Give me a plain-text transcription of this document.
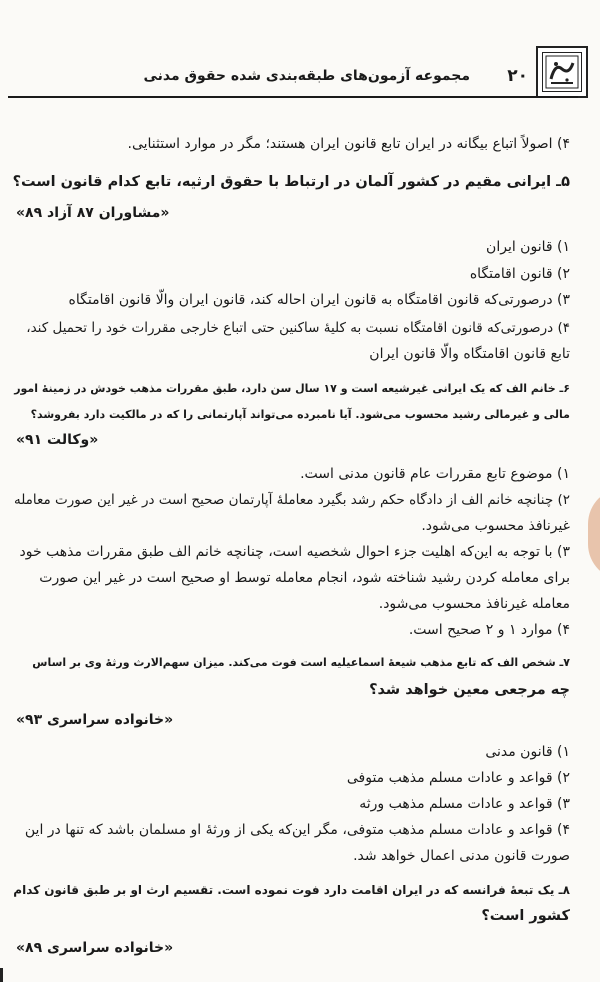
۲۰
مجموعه آزمون‌های طبقه‌بندی شده حقوق مدنی
۴) اصولاً اتباع بیگانه در ایران تابع قانون ایران هستند؛ مگر در موارد استثنایی.
۵ـ ایرانی مقیم در کشور آلمان در ارتباط با حقوق ارثیه، تابع کدام قانون است؟
«مشاوران ۸۷ آزاد ۸۹»
۱) قانون ایران
۲) قانون اقامتگاه
۳) درصورتی‌که قانون اقامتگاه به قانون ایران احاله کند، قانون ایران والّا قانون اقامتگاه
۴) درصورتی‌که قانون اقامتگاه نسبت به کلیهٔ ساکنین حتی اتباع خارجی مقررات خود را تحمیل کند،
تابع قانون اقامتگاه والّا قانون ایران
۶ـ خانم الف که یک ایرانی غیرشیعه است و ۱۷ سال سن دارد، طبق مقررات مذهب خودش در زمینهٔ امور
مالی و غیرمالی رشید محسوب می‌شود. آیا نامبرده می‌تواند آپارتمانی را که در مالکیت دارد بفروشد؟
«وکالت ۹۱»
۱) موضوع تابع مقررات عام قانون مدنی است.
۲) چنانچه خانم الف از دادگاه حکم رشد بگیرد معاملهٔ آپارتمان صحیح است در غیر این صورت معامله
غیرنافذ محسوب می‌شود.
۳) با توجه به این‌که اهلیت جزء احوال شخصیه است، چنانچه خانم الف طبق مقررات مذهب خود
برای معامله کردن رشید شناخته شود، انجام معامله توسط او صحیح است در غیر این صورت
معامله غیرنافذ محسوب می‌شود.
۴) موارد ۱ و ۲ صحیح است.
۷ـ شخص الف که تابع مذهب شیعهٔ اسماعیلیه است فوت می‌کند. میزان سهم‌الارث ورثهٔ وی بر اساس
چه مرجعی معین خواهد شد؟
«خانواده سراسری ۹۳»
۱) قانون مدنی
۲) قواعد و عادات مسلم مذهب متوفی
۳) قواعد و عادات مسلم مذهب ورثه
۴) قواعد و عادات مسلم مذهب متوفی، مگر این‌که یکی از ورثهٔ او مسلمان باشد که تنها در این
صورت قانون مدنی اعمال خواهد شد.
۸ـ یک تبعهٔ فرانسه که در ایران اقامت دارد فوت نموده است. تقسیم ارث او بر طبق قانون کدام
کشور است؟
«خانواده سراسری ۸۹»
